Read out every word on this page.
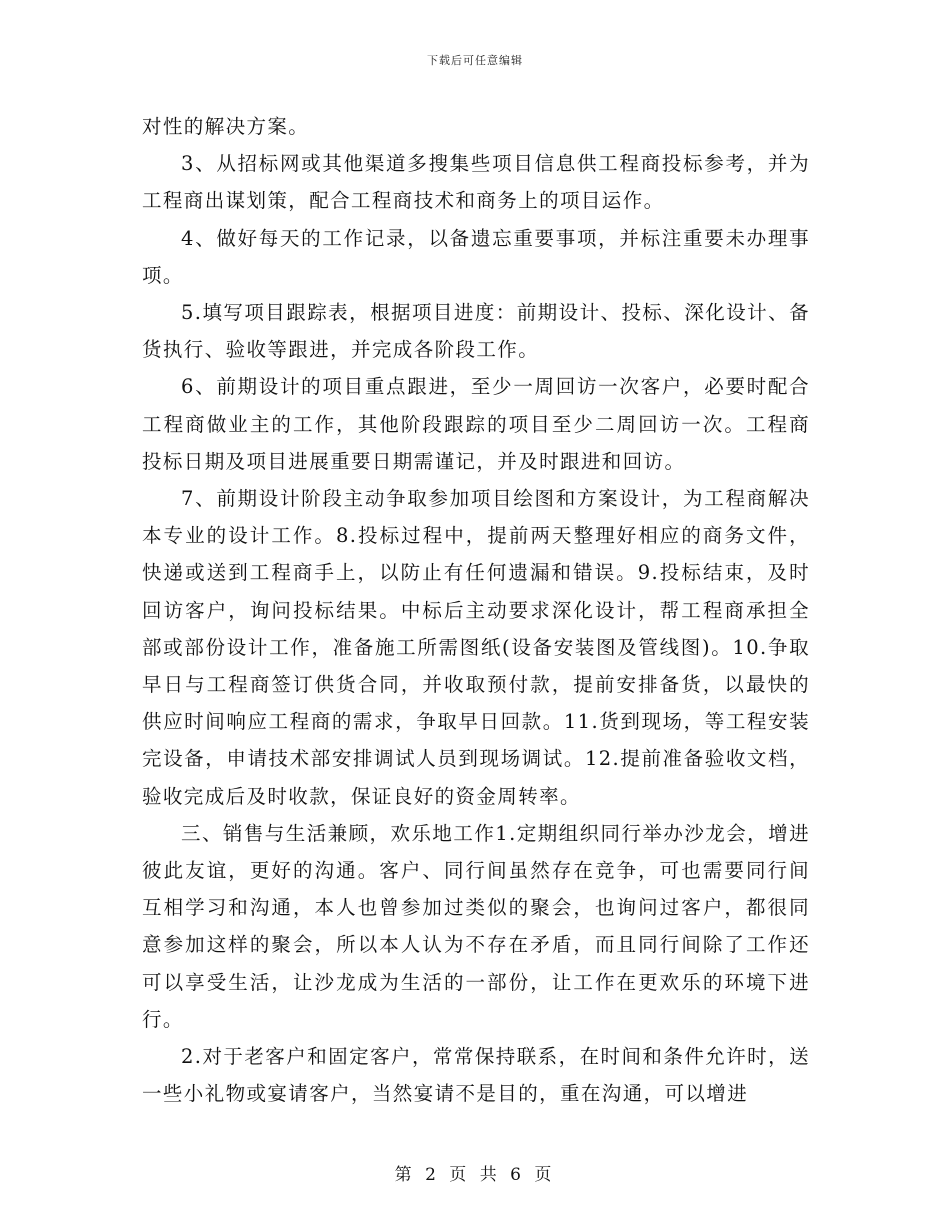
下载后可任意编辑

对性的解决方案。

3、从招标网或其他渠道多搜集些项目信息供工程商投标参考，并为工程商出谋划策，配合工程商技术和商务上的项目运作。

4、做好每天的工作记录，以备遗忘重要事项，并标注重要未办理事项。

5.填写项目跟踪表，根据项目进度：前期设计、投标、深化设计、备货执行、验收等跟进，并完成各阶段工作。

6、前期设计的项目重点跟进，至少一周回访一次客户，必要时配合工程商做业主的工作，其他阶段跟踪的项目至少二周回访一次。工程商投标日期及项目进展重要日期需谨记，并及时跟进和回访。

7、前期设计阶段主动争取参加项目绘图和方案设计，为工程商解决本专业的设计工作。8.投标过程中，提前两天整理好相应的商务文件，快递或送到工程商手上，以防止有任何遗漏和错误。9.投标结束，及时回访客户，询问投标结果。中标后主动要求深化设计，帮工程商承担全部或部份设计工作，准备施工所需图纸(设备安装图及管线图)。10.争取早日与工程商签订供货合同，并收取预付款，提前安排备货，以最快的供应时间响应工程商的需求，争取早日回款。11.货到现场，等工程安装完设备，申请技术部安排调试人员到现场调试。12.提前准备验收文档，验收完成后及时收款，保证良好的资金周转率。

三、销售与生活兼顾，欢乐地工作1.定期组织同行举办沙龙会，增进彼此友谊，更好的沟通。客户、同行间虽然存在竞争，可也需要同行间互相学习和沟通，本人也曾参加过类似的聚会，也询问过客户，都很同意参加这样的聚会，所以本人认为不存在矛盾，而且同行间除了工作还可以享受生活，让沙龙成为生活的一部份，让工作在更欢乐的环境下进行。

2.对于老客户和固定客户，常常保持联系，在时间和条件允许时，送一些小礼物或宴请客户，当然宴请不是目的，重在沟通，可以增进

第 2 页 共 6 页
